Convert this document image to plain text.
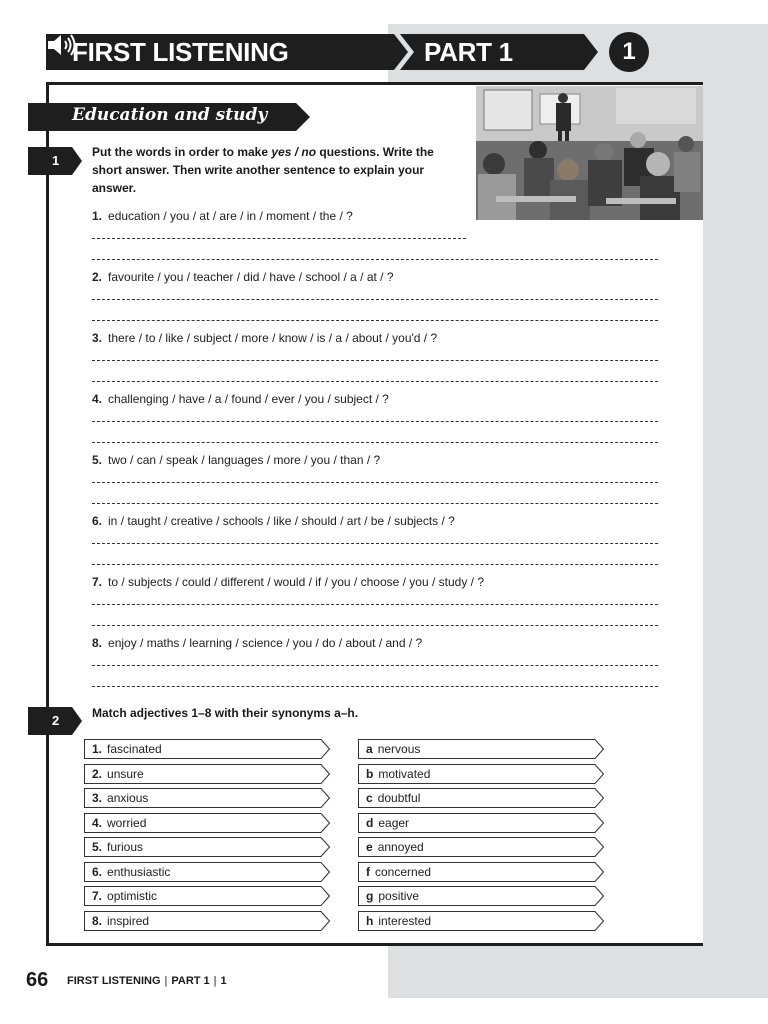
FIRST LISTENING	PART 1	1
Education and study
1
Put the words in order to make yes / no questions. Write the
short answer. Then write another sentence to explain your
answer.
1. education / you / at / are / in / moment / the / ?
2. favourite / you / teacher / did / have / school / a / at / ?
3. there / to / like / subject / more / know / is / a / about / you'd / ?
4. challenging / have / a / found / ever / you / subject / ?
5. two / can / speak / languages / more / you / than / ?
6. in / taught / creative / schools / like / should / art / be / subjects / ?
7. to / subjects / could / different / would / if / you / choose / you / study / ?
8. enjoy / maths / learning / science / you / do / about / and / ?
2	Match adjectives 1–8 with their synonyms a–h.
1. fascinated
2. unsure
3. anxious
4. worried
5. furious
6. enthusiastic
7. optimistic
8. inspired
a nervous
b motivated
c doubtful
d eager
e annoyed
f concerned
g positive
h interested
66 FIRST LISTENING | PART 1 | 1
